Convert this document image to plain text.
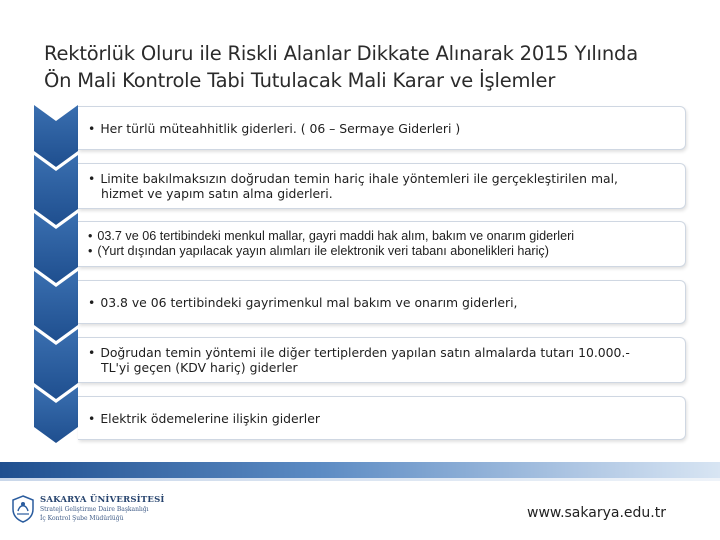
Rektörlük Oluru ile Riskli Alanlar Dikkate Alınarak 2015 Yılında
Ön Mali Kontrole Tabi Tutulacak Mali Karar ve İşlemler
• Her türlü müteahhitlik giderleri. ( 06 – Sermaye Giderleri )
• Limite bakılmaksızın doğrudan temin hariç ihale yöntemleri ile gerçekleştirilen mal,
hizmet ve yapım satın alma giderleri.
• 03.7 ve 06 tertibindeki menkul mallar, gayri maddi hak alım, bakım ve onarım giderleri
• (Yurt dışından yapılacak yayın alımları ile elektronik veri tabanı abonelikleri hariç)
• 03.8 ve 06 tertibindeki gayrimenkul mal bakım ve onarım giderleri,
• Doğrudan temin yöntemi ile diğer tertiplerden yapılan satın almalarda tutarı 10.000.-
TL'yi geçen (KDV hariç) giderler
• Elektrik ödemelerine ilişkin giderler
SAKARYA ÜNİVERSİTESİ
Strateji Geliştirme Daire Başkanlığı
İç Kontrol Şube Müdürlüğü	www.sakarya.edu.tr
